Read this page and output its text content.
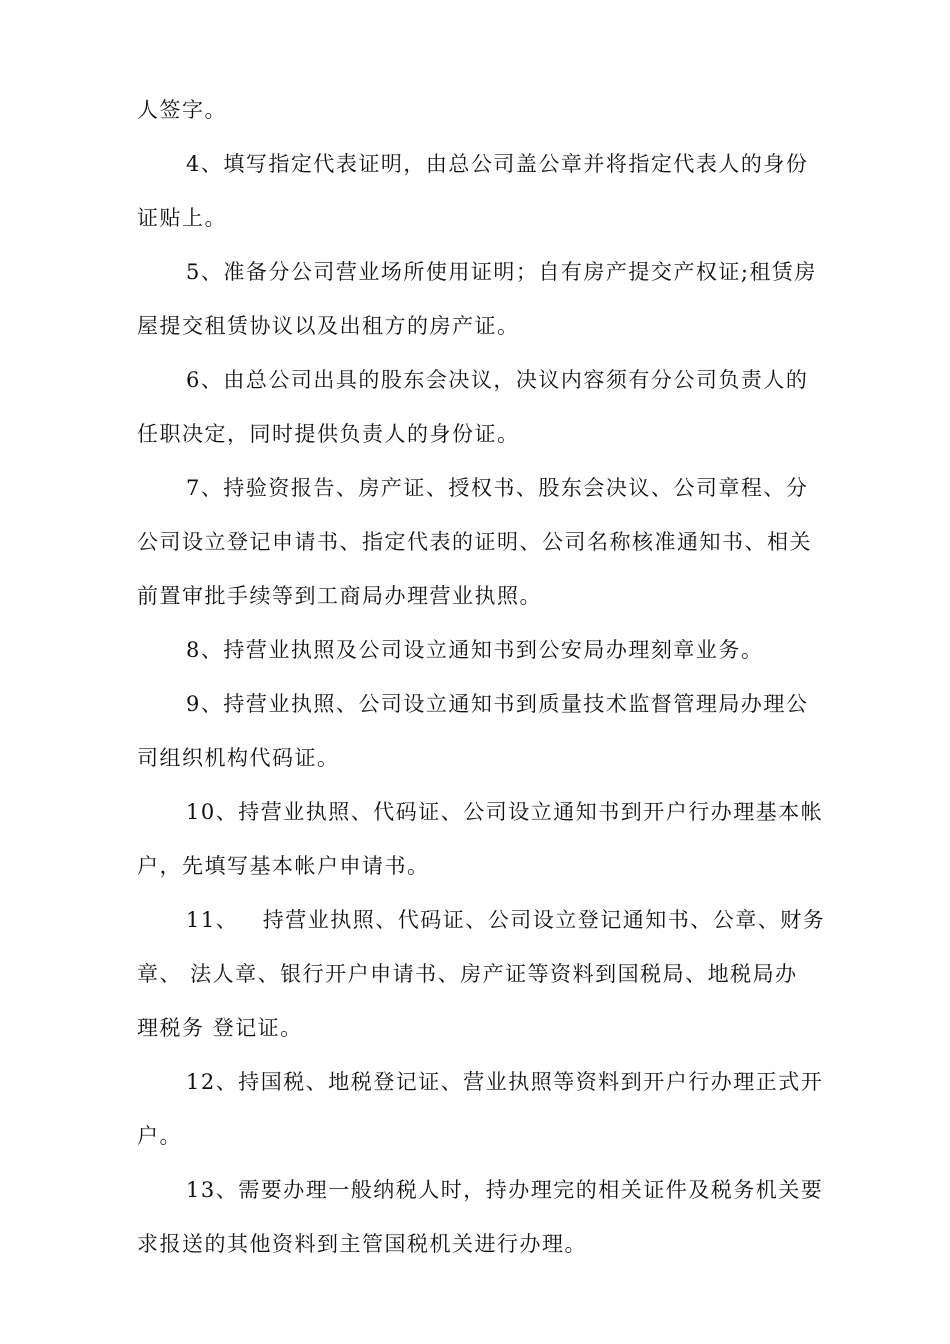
人签字。
4、填写指定代表证明，由总公司盖公章并将指定代表人的身份
证贴上。
5、准备分公司营业场所使用证明；自有房产提交产权证;租赁房
屋提交租赁协议以及出租方的房产证。
6、由总公司出具的股东会决议，决议内容须有分公司负责人的
任职决定，同时提供负责人的身份证。
7、持验资报告、房产证、授权书、股东会决议、公司章程、分
公司设立登记申请书、指定代表的证明、公司名称核准通知书、相关
前置审批手续等到工商局办理营业执照。
8、持营业执照及公司设立通知书到公安局办理刻章业务。
9、持营业执照、公司设立通知书到质量技术监督管理局办理公
司组织机构代码证。
10、持营业执照、代码证、公司设立通知书到开户行办理基本帐
户，先填写基本帐户申请书。
11、   持营业执照、代码证、公司设立登记通知书、公章、财务
章、 法人章、银行开户申请书、房产证等资料到国税局、地税局办
理税务 登记证。
12、持国税、地税登记证、营业执照等资料到开户行办理正式开
户。
13、需要办理一般纳税人时，持办理完的相关证件及税务机关要
求报送的其他资料到主管国税机关进行办理。
